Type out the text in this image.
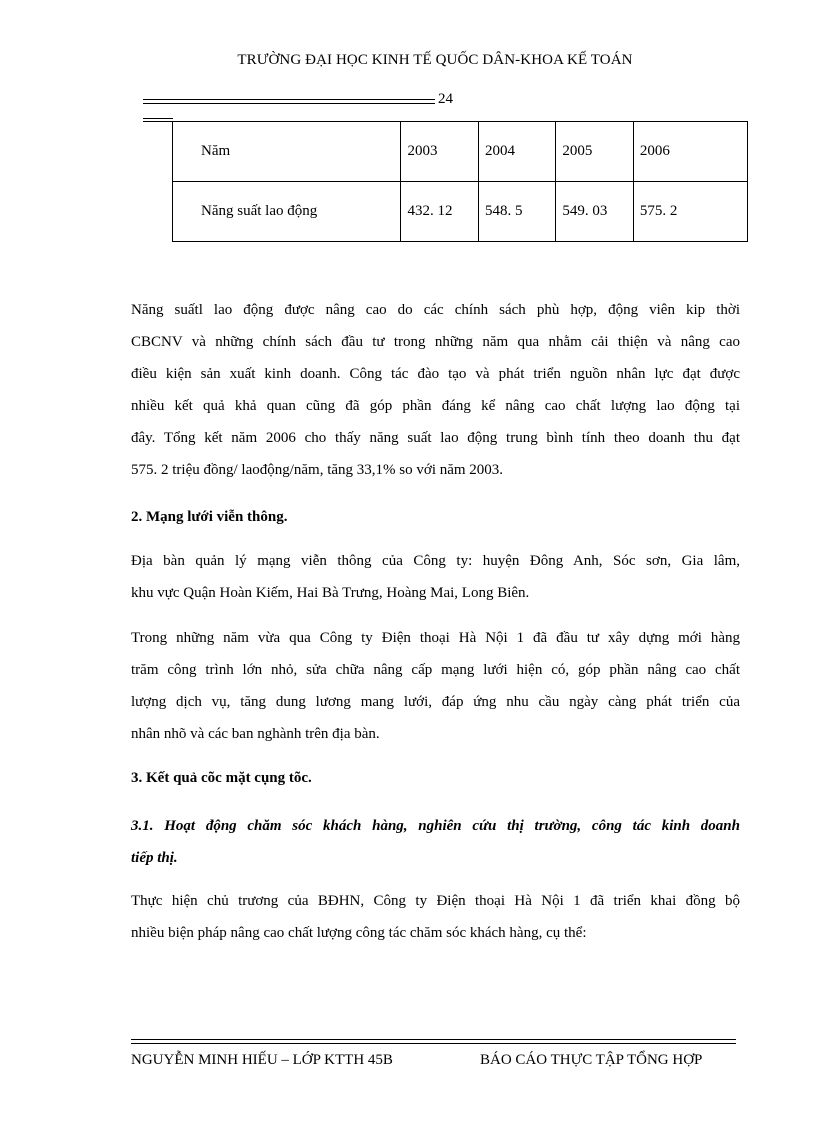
TRƯỜNG ĐẠI HỌC KINH TẾ QUỐC DÂN-KHOA KẾ TOÁN
24
Năm	2003	2004	2005	2006
Năng suất lao động	432. 12	548. 5	549. 03	575. 2
Năng suấtl lao động được nâng cao do các chính sách phù hợp, động viên kip thời
CBCNV và những chính sách đầu tư trong những năm qua nhằm cải thiện và nâng cao
điều kiện sản xuất kinh doanh. Công tác đào tạo và phát triển nguồn nhân lực đạt được
nhiều kết quả khả quan cũng đã góp phần đáng kể nâng cao chất lượng lao động tại
đây. Tổng kết năm 2006 cho thấy năng suất lao động trung bình tính theo doanh thu đạt
575. 2 triệu đồng/ laođộng/năm, tăng 33,1% so với năm 2003.
2. Mạng lưới viễn thông.
Địa bàn quản lý mạng viễn thông của Công ty: huyện Đông Anh, Sóc sơn, Gia lâm,
khu vực Quận Hoàn Kiếm, Hai Bà Trưng, Hoàng Mai, Long Biên.
Trong những năm vừa qua Công ty Điện thoại Hà Nội 1 đã đầu tư xây dựng mới hàng
trăm công trình lớn nhỏ, sửa chữa nâng cấp mạng lưới hiện có, góp phần nâng cao chất
lượng dịch vụ, tăng dung lương mang lưới, đáp ứng nhu cầu ngày càng phát triển của
nhân nhõ và các ban nghành trên địa bàn.
3. Kết quả cõc mặt cụng tõc.
3.1. Hoạt động chăm sóc khách hàng, nghiên cứu thị trường, công tác kinh doanh
tiếp thị.
Thực hiện chủ trương của BĐHN, Công ty Điện thoại Hà Nội 1 đã triển khai đồng bộ
nhiều biện pháp nâng cao chất lượng công tác chăm sóc khách hàng, cụ thể:
NGUYỄN MINH HIẾU – LỚP KTTH 45B	BÁO CÁO THỰC TẬP TỔNG HỢP
